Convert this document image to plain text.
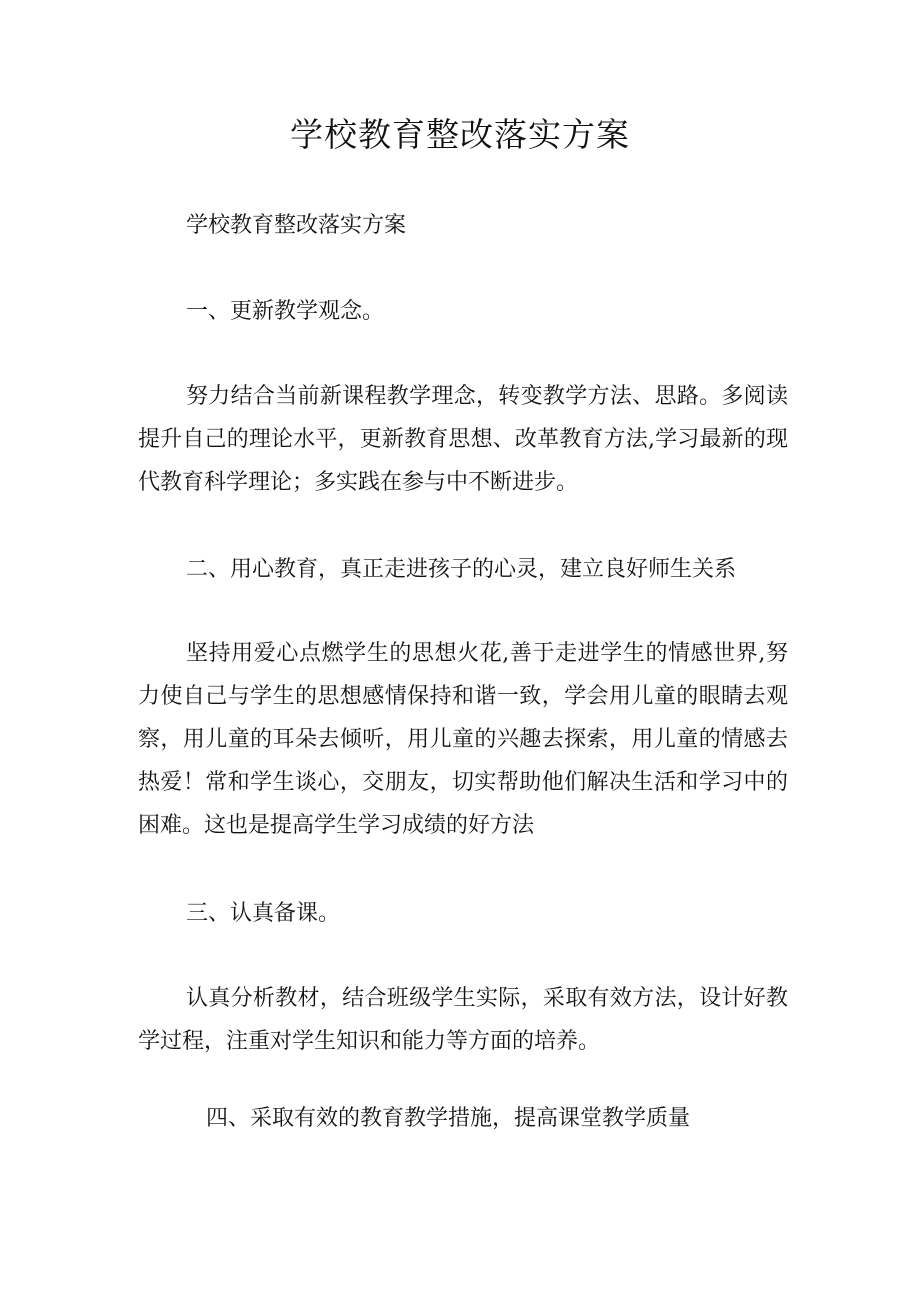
学校教育整改落实方案

学校教育整改落实方案

一、更新教学观念。

努力结合当前新课程教学理念，转变教学方法、思路。多阅读提升自己的理论水平，更新教育思想、改革教育方法,学习最新的现代教育科学理论；多实践在参与中不断进步。

二、用心教育，真正走进孩子的心灵，建立良好师生关系

坚持用爱心点燃学生的思想火花,善于走进学生的情感世界,努力使自己与学生的思想感情保持和谐一致，学会用儿童的眼睛去观察，用儿童的耳朵去倾听，用儿童的兴趣去探索，用儿童的情感去热爱！常和学生谈心，交朋友，切实帮助他们解决生活和学习中的困难。这也是提高学生学习成绩的好方法

三、认真备课。

认真分析教材，结合班级学生实际，采取有效方法，设计好教学过程，注重对学生知识和能力等方面的培养。

四、采取有效的教育教学措施，提高课堂教学质量
